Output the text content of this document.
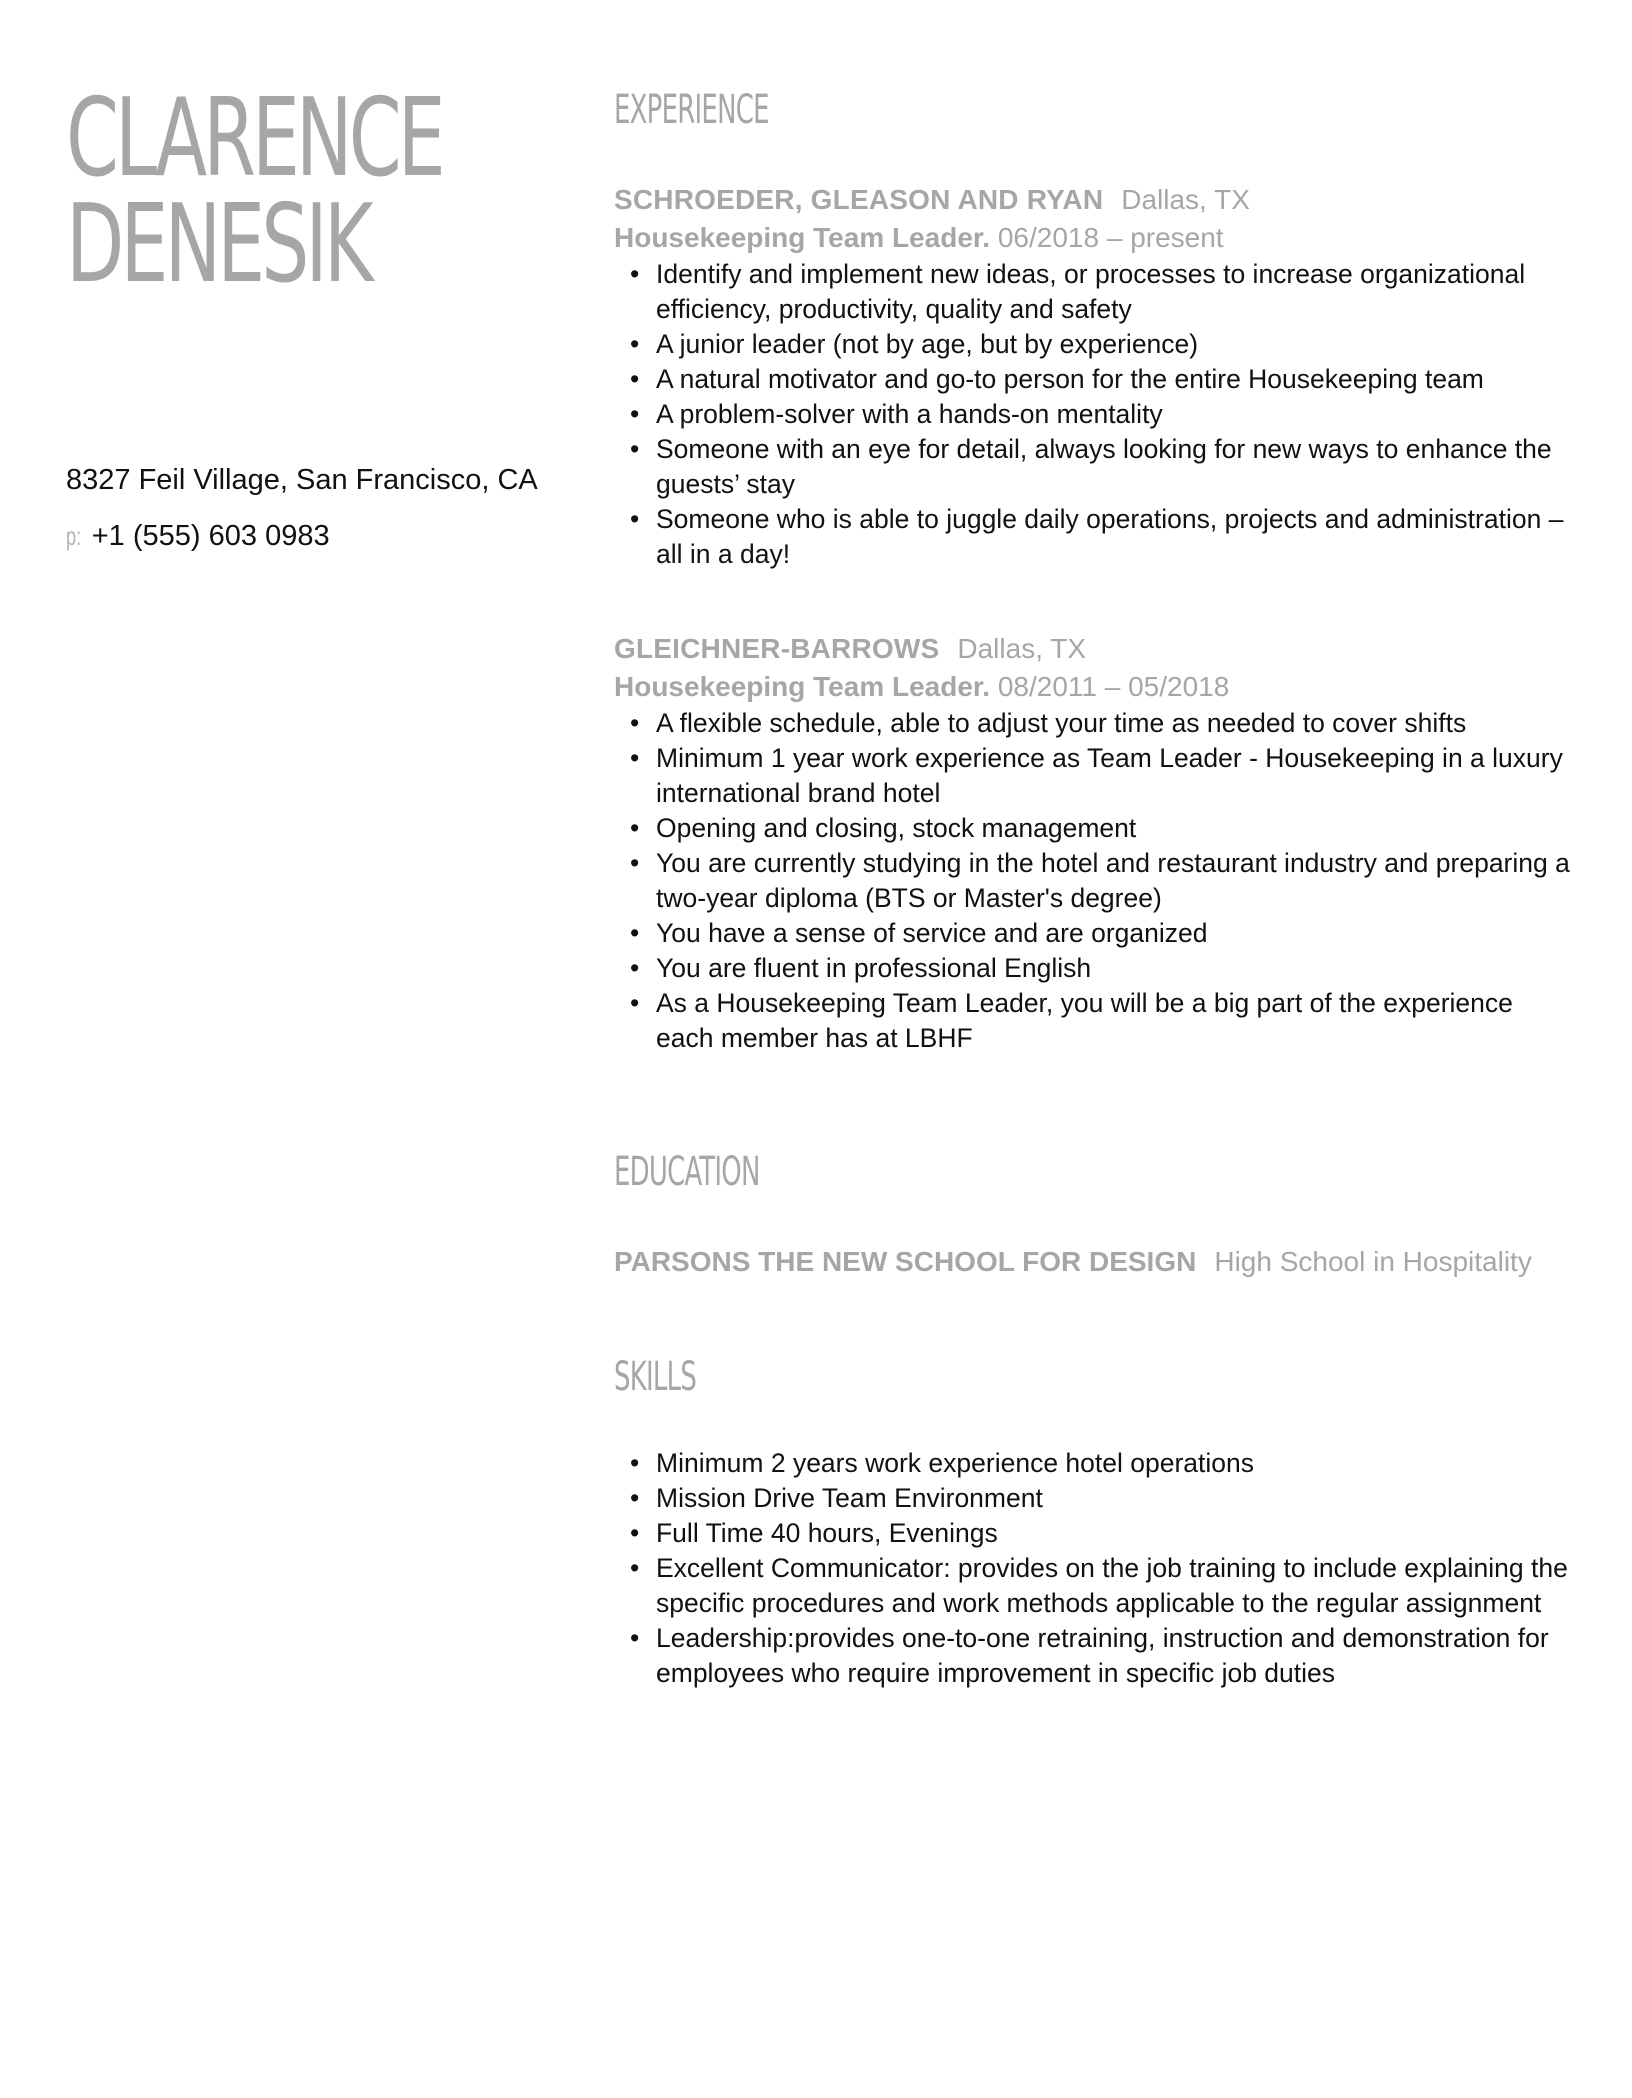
CLARENCE
DENESIK
8327 Feil Village, San Francisco, CA
p: +1 (555) 603 0983
EXPERIENCE
SCHROEDER, GLEASON AND RYAN Dallas, TX
Housekeeping Team Leader. 06/2018 – present
• Identify and implement new ideas, or processes to increase organizational efficiency, productivity, quality and safety
• A junior leader (not by age, but by experience)
• A natural motivator and go-to person for the entire Housekeeping team
• A problem-solver with a hands-on mentality
• Someone with an eye for detail, always looking for new ways to enhance the guests’ stay
• Someone who is able to juggle daily operations, projects and administration – all in a day!
GLEICHNER-BARROWS Dallas, TX
Housekeeping Team Leader. 08/2011 – 05/2018
• A flexible schedule, able to adjust your time as needed to cover shifts
• Minimum 1 year work experience as Team Leader - Housekeeping in a luxury international brand hotel
• Opening and closing, stock management
• You are currently studying in the hotel and restaurant industry and preparing a two-year diploma (BTS or Master's degree)
• You have a sense of service and are organized
• You are fluent in professional English
• As a Housekeeping Team Leader, you will be a big part of the experience each member has at LBHF
EDUCATION
PARSONS THE NEW SCHOOL FOR DESIGN High School in Hospitality
SKILLS
• Minimum 2 years work experience hotel operations
• Mission Drive Team Environment
• Full Time 40 hours, Evenings
• Excellent Communicator: provides on the job training to include explaining the specific procedures and work methods applicable to the regular assignment
• Leadership:provides one-to-one retraining, instruction and demonstration for employees who require improvement in specific job duties
